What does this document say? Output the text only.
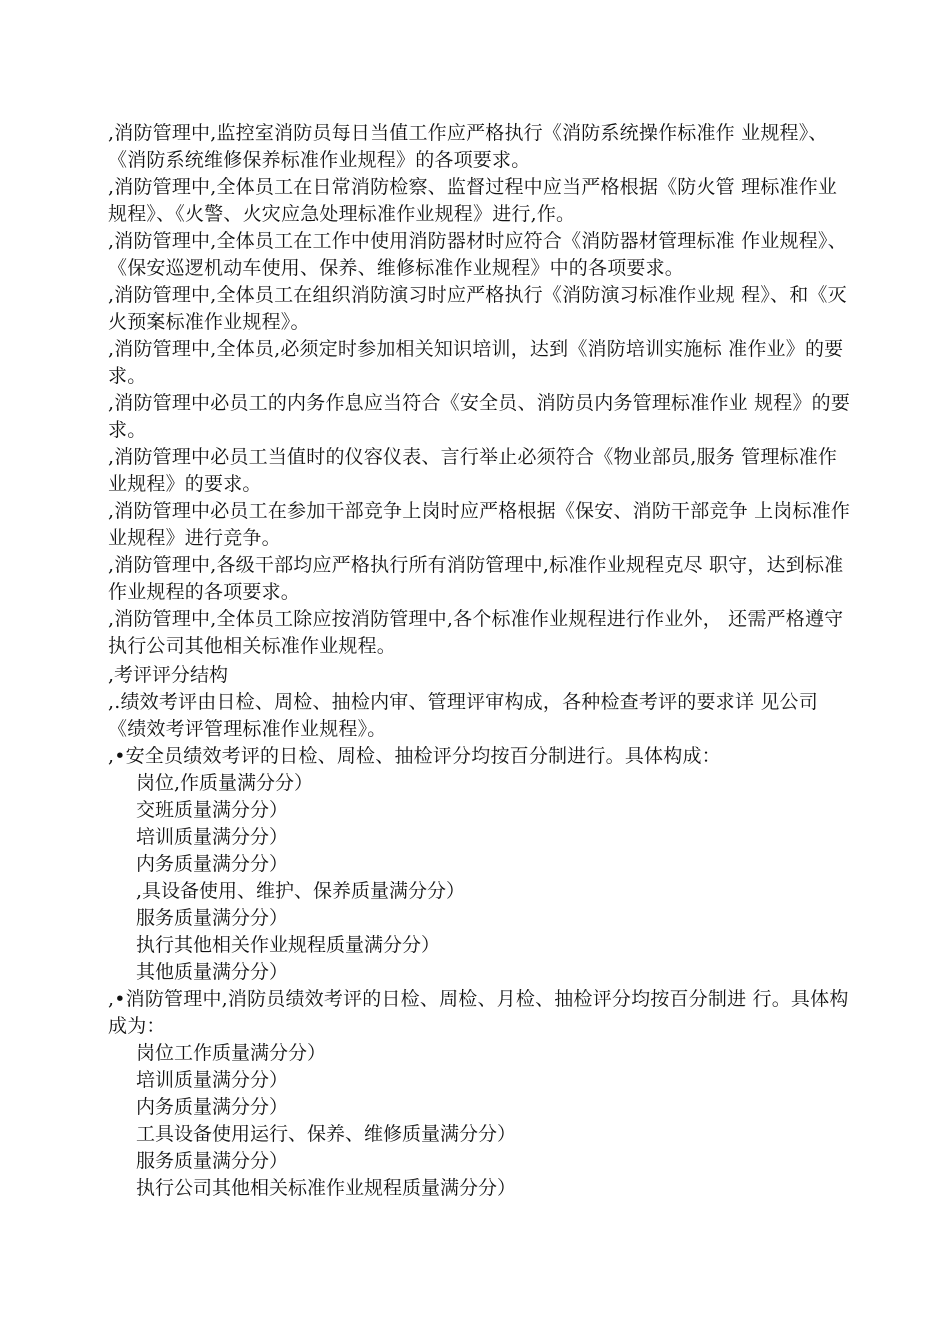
,消防管理中,监控室消防员每日当值工作应严格执行《消防系统操作标准作 业规程》、《消防系统维修保养标准作业规程》的各项要求。
,消防管理中,全体员工在日常消防检察、监督过程中应当严格根据《防火管 理标准作业规程》、《火警、火灾应急处理标准作业规程》进行,作。
,消防管理中,全体员工在工作中使用消防器材时应符合《消防器材管理标准 作业规程》、《保安巡逻机动车使用、保养、维修标准作业规程》中的各项要求。
,消防管理中,全体员工在组织消防演习时应严格执行《消防演习标准作业规 程》、和《灭火预案标准作业规程》。
,消防管理中,全体员,必须定时参加相关知识培训，达到《消防培训实施标 准作业》的要求。
,消防管理中必员工的内务作息应当符合《安全员、消防员内务管理标准作业 规程》的要求。
,消防管理中必员工当值时的仪容仪表、言行举止必须符合《物业部员,服务 管理标准作业规程》的要求。
,消防管理中必员工在参加干部竞争上岗时应严格根据《保安、消防干部竞争 上岗标准作业规程》进行竞争。
,消防管理中,各级干部均应严格执行所有消防管理中,标准作业规程克尽 职守，达到标准作业规程的各项要求。
,消防管理中,全体员工除应按消防管理中,各个标准作业规程进行作业外， 还需严格遵守执行公司其他相关标准作业规程。
,考评评分结构
,.绩效考评由日检、周检、抽检内审、管理评审构成，各种检查考评的要求详 见公司《绩效考评管理标准作业规程》。
,•安全员绩效考评的日检、周检、抽检评分均按百分制进行。具体构成：
岗位,作质量满分分）
交班质量满分分）
培训质量满分分）
内务质量满分分）
,具设备使用、维护、保养质量满分分）
服务质量满分分）
执行其他相关作业规程质量满分分）
其他质量满分分）
,•消防管理中,消防员绩效考评的日检、周检、月检、抽检评分均按百分制进 行。具体构成为：
岗位工作质量满分分）
培训质量满分分）
内务质量满分分）
工具设备使用运行、保养、维修质量满分分）
服务质量满分分）
执行公司其他相关标准作业规程质量满分分）
